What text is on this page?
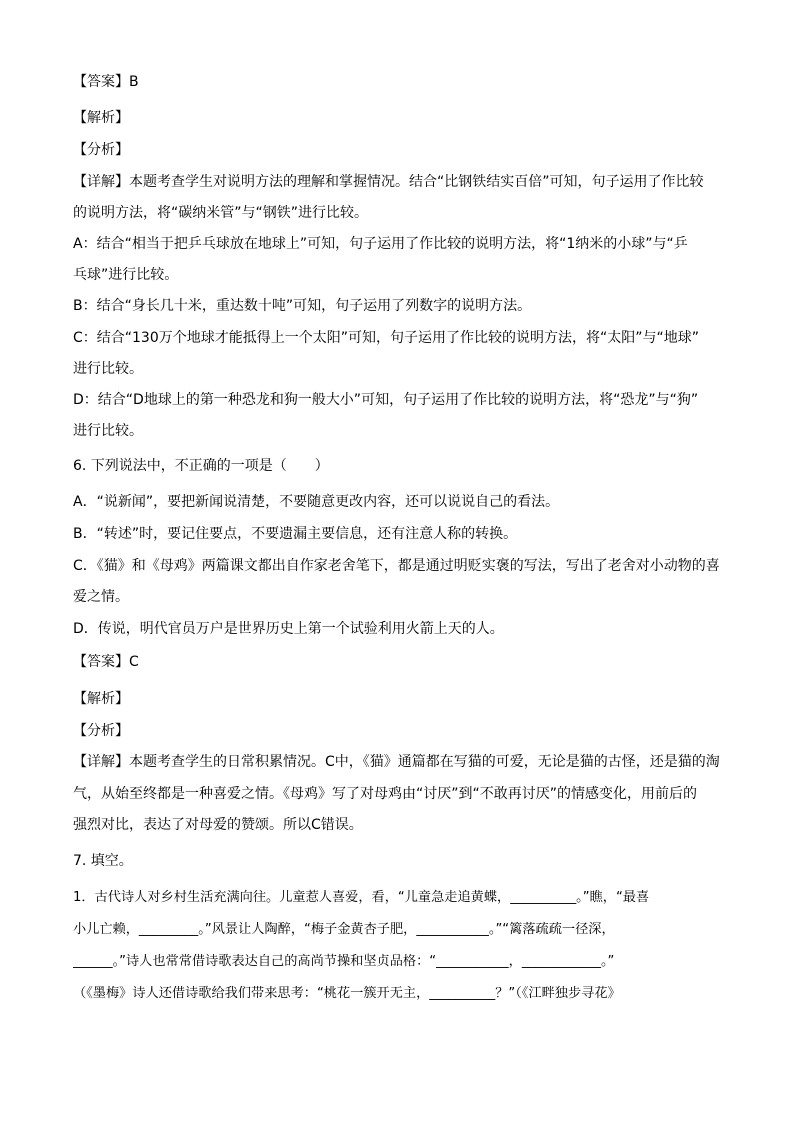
【答案】B
【解析】
【分析】
【详解】本题考查学生对说明方法的理解和掌握情况。结合“比钢铁结实百倍”可知，句子运用了作比较
的说明方法，将“碳纳米管”与“钢铁”进行比较。
A：结合“相当于把乒乓球放在地球上”可知，句子运用了作比较的说明方法，将“1纳米的小球”与“乒
乓球”进行比较。
B：结合“身长几十米，重达数十吨”可知，句子运用了列数字的说明方法。
C：结合“130万个地球才能抵得上一个太阳”可知，句子运用了作比较的说明方法，将“太阳”与“地球”
进行比较。
D：结合“D地球上的第一种恐龙和狗一般大小”可知，句子运用了作比较的说明方法，将“恐龙”与“狗”
进行比较。
6. 下列说法中，不正确的一项是（　　）
A．“说新闻”，要把新闻说清楚，不要随意更改内容，还可以说说自己的看法。
B．“转述”时，要记住要点，不要遗漏主要信息，还有注意人称的转换。
C．《猫》和《母鸡》两篇课文都出自作家老舍笔下，都是通过明贬实褒的写法，写出了老舍对小动物的喜
爱之情。
D．传说，明代官员万户是世界历史上第一个试验利用火箭上天的人。
【答案】C
【解析】
【分析】
【详解】本题考查学生的日常积累情况。C中，《猫》通篇都在写猫的可爱，无论是猫的古怪，还是猫的淘
气，从始至终都是一种喜爱之情。《母鸡》写了对母鸡由“讨厌”到“不敢再讨厌”的情感变化，用前后的
强烈对比，表达了对母爱的赞颂。所以C错误。
7. 填空。
1．古代诗人对乡村生活充满向往。儿童惹人喜爱，看，“儿童急走追黄蝶，__________。”瞧，“最喜
小儿亡赖，_________。”风景让人陶醉，“梅子金黄杏子肥，___________。”“篱落疏疏一径深，
______。”诗人也常常借诗歌表达自己的高尚节操和坚贞品格：“___________，____________。”
（《墨梅》诗人还借诗歌给我们带来思考：“桃花一簇开无主，__________？”（《江畔独步寻花》
